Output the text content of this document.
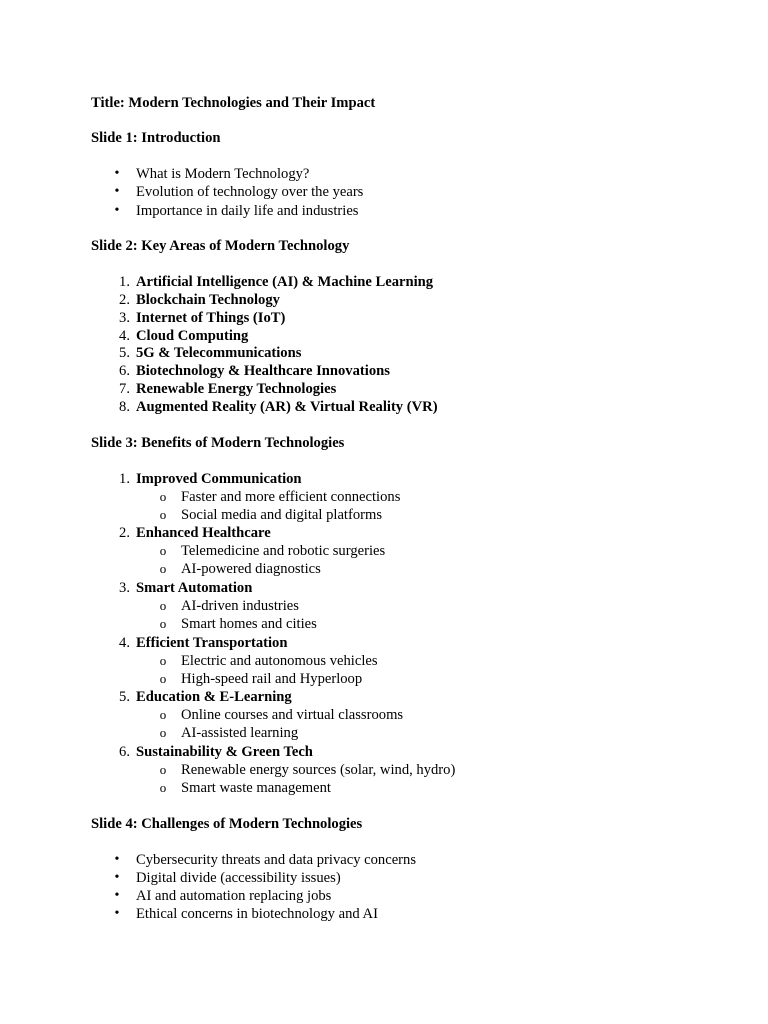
Title: Modern Technologies and Their Impact
Slide 1: Introduction
• What is Modern Technology?
• Evolution of technology over the years
• Importance in daily life and industries
Slide 2: Key Areas of Modern Technology
1. Artificial Intelligence (AI) & Machine Learning
2. Blockchain Technology
3. Internet of Things (IoT)
4. Cloud Computing
5. 5G & Telecommunications
6. Biotechnology & Healthcare Innovations
7. Renewable Energy Technologies
8. Augmented Reality (AR) & Virtual Reality (VR)
Slide 3: Benefits of Modern Technologies
1. Improved Communication
o Faster and more efficient connections
o Social media and digital platforms
2. Enhanced Healthcare
o Telemedicine and robotic surgeries
o AI-powered diagnostics
3. Smart Automation
o AI-driven industries
o Smart homes and cities
4. Efficient Transportation
o Electric and autonomous vehicles
o High-speed rail and Hyperloop
5. Education & E-Learning
o Online courses and virtual classrooms
o AI-assisted learning
6. Sustainability & Green Tech
o Renewable energy sources (solar, wind, hydro)
o Smart waste management
Slide 4: Challenges of Modern Technologies
• Cybersecurity threats and data privacy concerns
• Digital divide (accessibility issues)
• AI and automation replacing jobs
• Ethical concerns in biotechnology and AI
